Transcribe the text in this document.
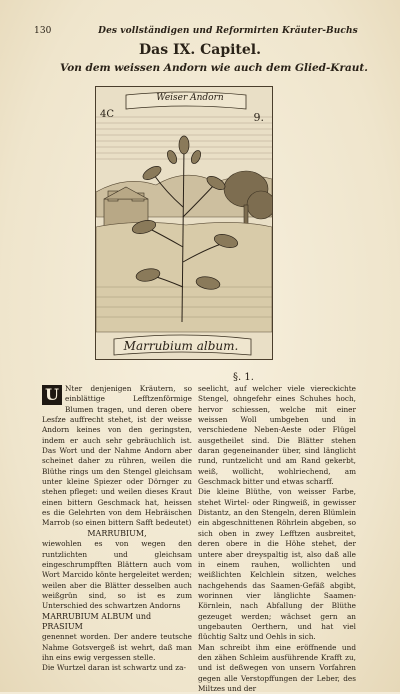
130	Des vollständigen und Reformirten Kräuter-Buchs
Das IX. Capitel.
Von dem weissen Andorn wie auch dem Glied-Kraut.
Weiser Andorn
4C	9.
Marrubium album.
§. 1.

U Nter denjenigen Kräutern, so einblättige Lefftzenförmige Blumen tragen, und deren obere Lesfze auffrecht stehet, ist der weisse Andorn keines von den geringsten, indem er auch sehr gebräuchlich ist. Das Wort und der Nahme Andorn aber scheinet daher zu rühren, weilen die Blüthe rings um den Stengel gleichsam unter kleine Spiezer oder Dörnger zu stehen pfleget: und weilen dieses Kraut einen bittern Geschmack hat, heissen es die Gelehrten von dem Hebräischen Marrob (so einen bittern Safft bedeutet)

MARRUBIUM,

wiewohlen es von wegen den runtzlichten und gleichsam eingeschrumpfften Blättern auch vom Wort Marcido könte hergeleitet werden; weilen aber die Blätter desselben auch weißgrün sind, so ist es zum Unterschied des schwartzen Andorns

MARRUBIUM ALBUM und PRASIUM

genennet worden. Der andere teutsche Nahme Gotsvergeß ist wehrt, daß man ihn eins ewig vergessen stelle.

Die Wurtzel daran ist schwartz und za-

seelicht, auf welcher viele viereckichte Stengel, ohngefehr eines Schuhes hoch, hervor schiessen, welche mit einer weissen Woll umbgeben und in verschiedene Neben-Aeste oder Flügel ausgetheilet sind. Die Blätter stehen daran gegeneinander über, sind länglicht rund, runtzelicht und am Rand gekerbt, weiß, wollicht, wohlriechend, am Geschmack bitter und etwas scharff.

Die kleine Blüthe, von weisser Farbe, stehet Wirtel- oder Ringweiß, in gewisser Distantz, an den Stengeln, deren Blümlein ein abgeschnittenen Röhrlein abgeben, so sich oben in zwey Lefftzen ausbreitet, deren obere in die Höhe stehet, der untere aber dreyspaltig ist, also daß alle in einem rauhen, wollichten und weißlichten Kelchlein sitzen, welches nachgehends das Saamen-Gefäß abgibt, worinnen vier länglichte Saamen-Körnlein, nach Abfallung der Blüthe gezeuget werden; wächset gern an ungebauten Oerthern, und hat viel flüchtig Saltz und Oehls in sich.

Man schreibt ihm eine eröffnende und den zähen Schleim ausführende Krafft zu, und ist deßwegen von unsern Vorfahren gegen alle Verstopffungen der Leber, des Miltzes und der
